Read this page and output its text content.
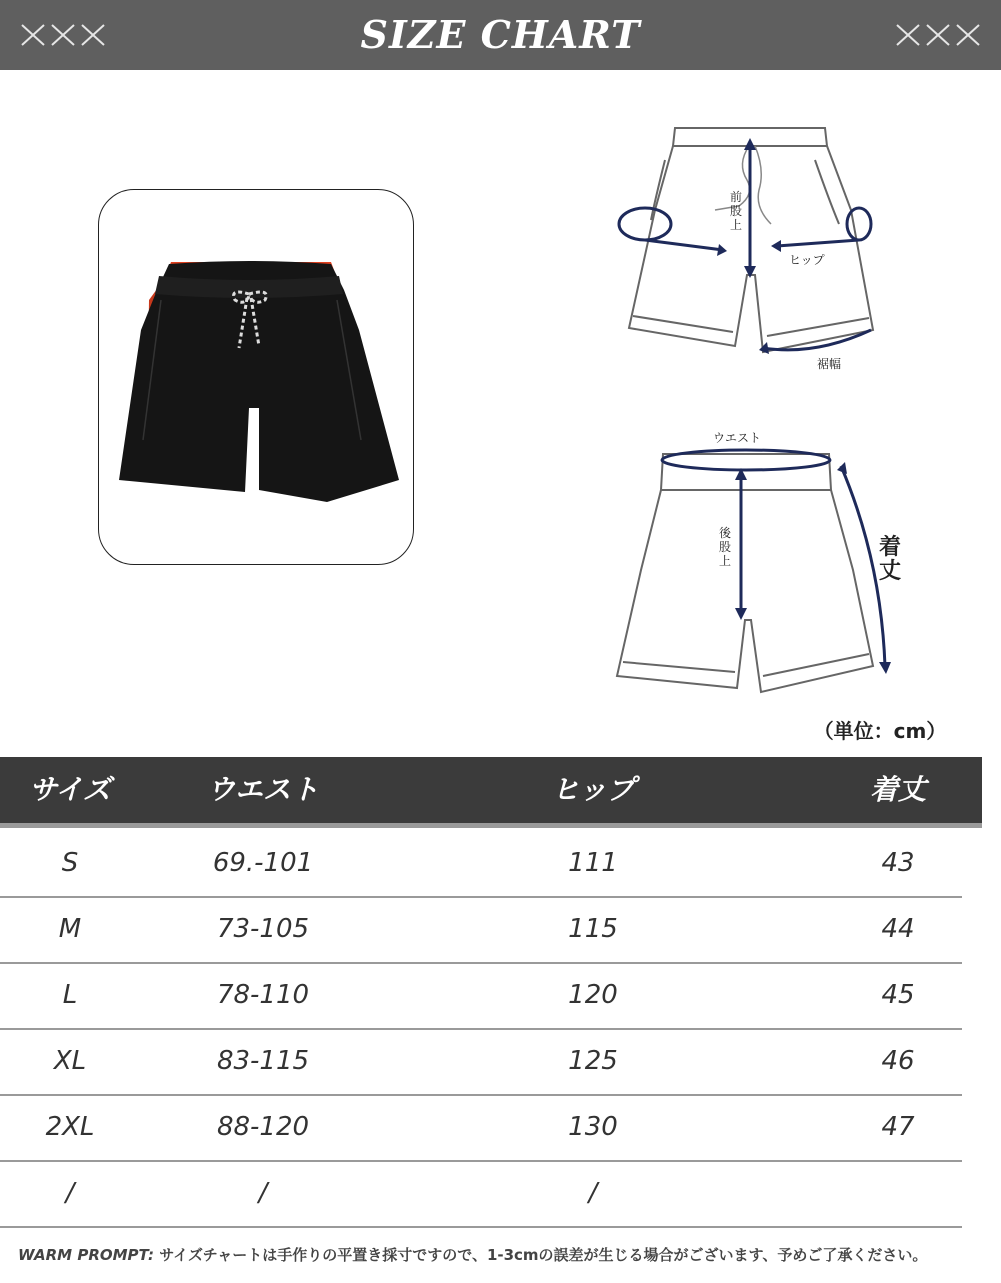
SIZE CHART
前股上
ヒップ
裾幅
ウエスト
後股上
着丈
（単位：cm）
サイズ	ウエスト	ヒップ	着丈
S	69.-101	111	43
M	73-105	115	44
L	78-110	120	45
XL	83-115	125	46
2XL	88-120	130	47
/	/	/
WARM PROMPT: サイズチャートは手作りの平置き採寸ですので、1-3cmの誤差が生じる場合がございます、予めご了承ください。
